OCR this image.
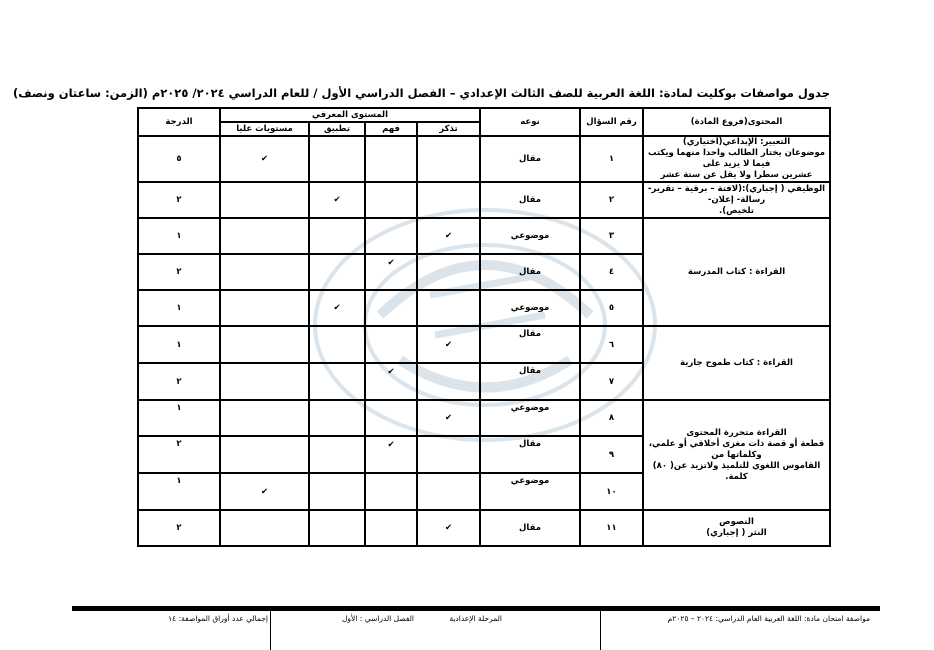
جدول مواصفات بوكليت لمادة: اللغة العربية للصف الثالث الإعدادي – الفصل الدراسي الأول / للعام الدراسي ٢٠٢٤/ ٢٠٢٥م (الزمن: ساعتان ونصف)
المحتوى(فروع المادة)	رقم السؤال	نوعه	المستوى المعرفي				الدرجة
			تذكر	فهم	تطبيق	مستويات عليا	

التعبير: الإبداعي(اختياري)
موضوعان يختار الطالب واحدا منهما ويكتب فيما لا يزيد على
عشرين سطرا ولا يقل عن ستة عشر	١	مقال				✔	٥

الوظيفي ( إجباري):(لافتة – برقية – تقرير- رسالة- إعلان-
تلخيص).	٢	مقال			✔		٢

القراءة : كتاب المدرسة	٣	موضوعي	✔				١
	٤	مقال		✔			٢
	٥	موضوعي			✔		١

القراءة : كتاب طموح جارية	٦	مقال	✔				١
	٧	مقال		✔			٢

القراءة متحررة المحتوى
قطعة أو قصة ذات مغزى أخلاقي أو علمي، وكلماتها من
القاموس اللغوي للتلميذ ولاتزيد عن( ٨٠) كلمة.	٨	موضوعي	✔				١
	٩	مقال		✔			٢
	١٠	موضوعي				✔	١

النصوص
النثر ( إجباري)	١١	مقال	✔				٢
مواصفة امتحان مادة: اللغة العربية العام الدراسي: ٢٠٢٤ – ٢٠٢٥م
المرحلة الإعدادية
الفصل الدراسي : الأول
إجمالي عدد أوراق المواصفة: ١٤
